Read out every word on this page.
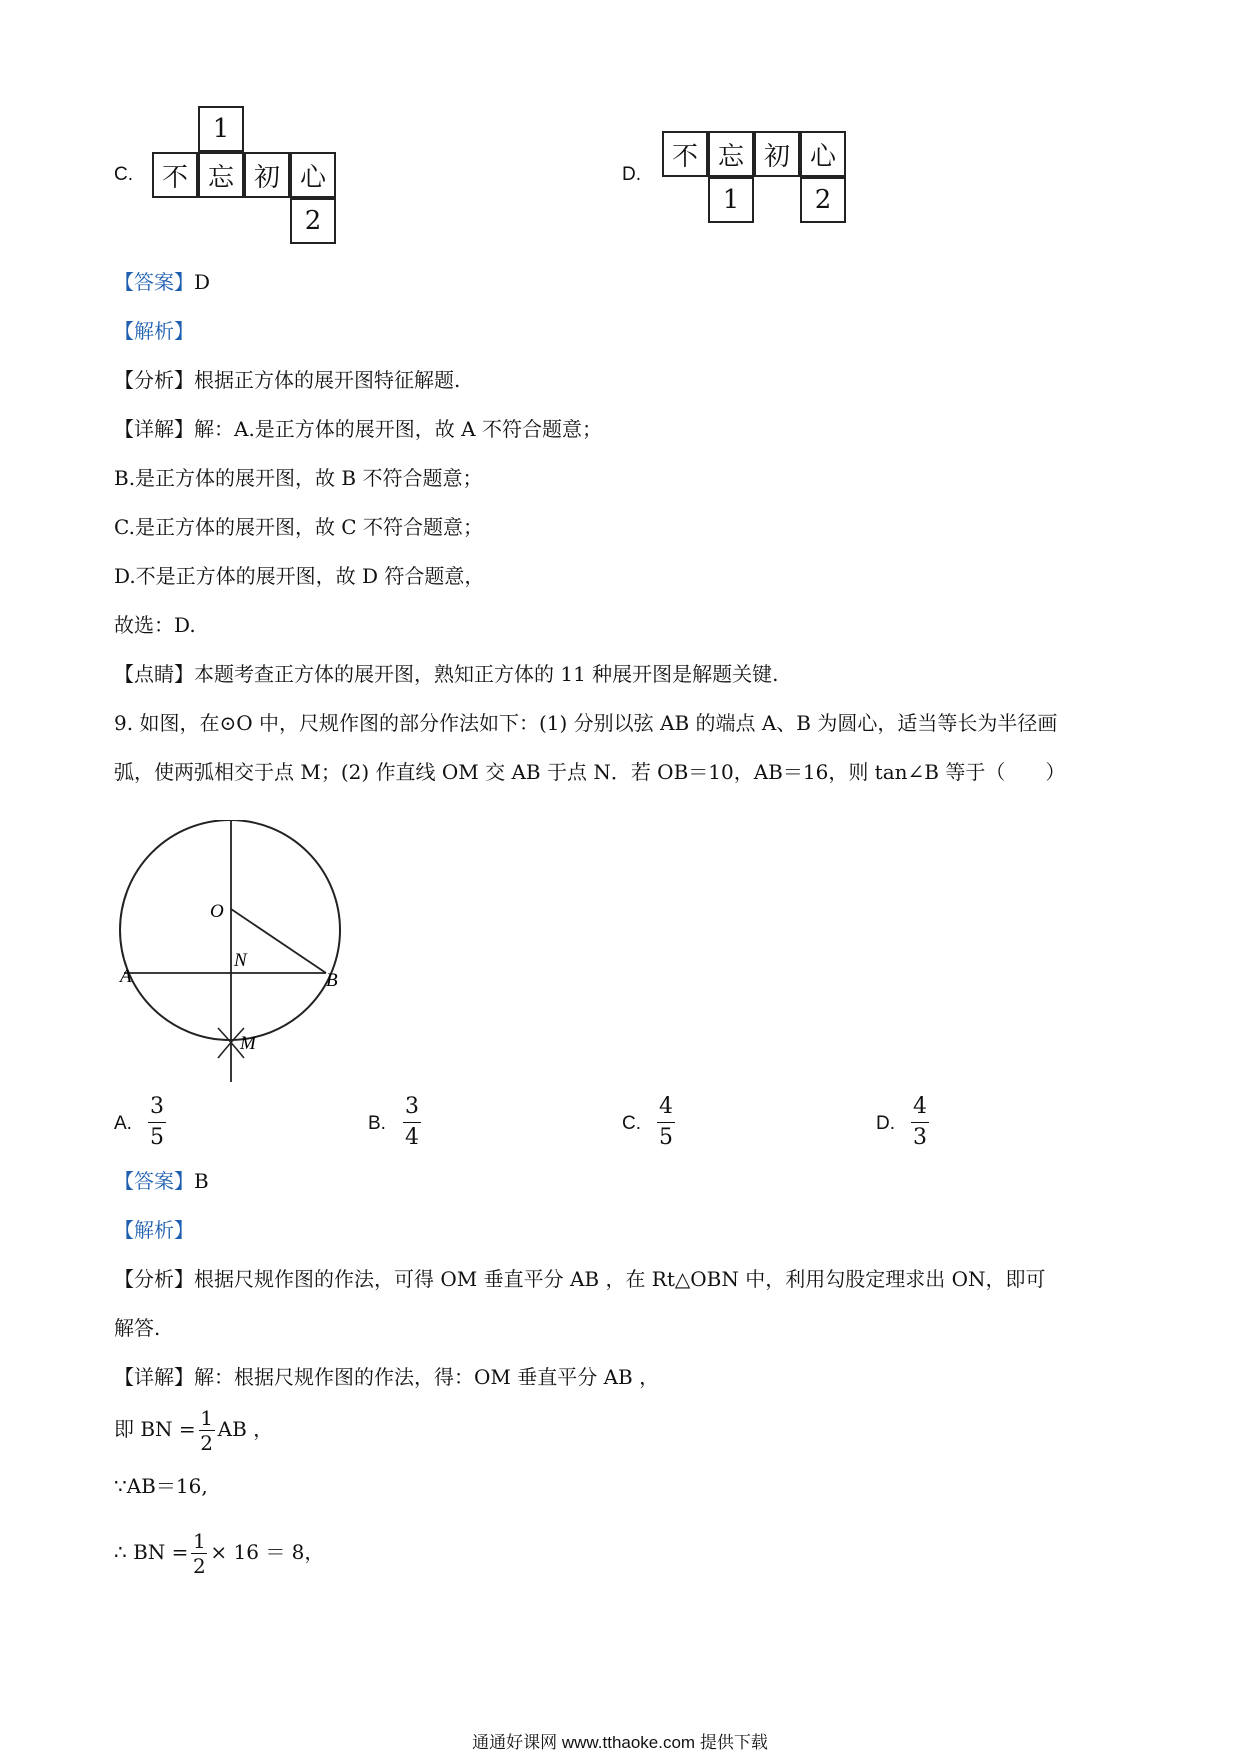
C.
1
不 忘 初 心
2
D.
不 忘 初 心
1	2
【答案】D
【解析】
【分析】根据正方体的展开图特征解题.
【详解】解：A.是正方体的展开图，故 A 不符合题意；
B.是正方体的展开图，故 B 不符合题意；
C.是正方体的展开图，故 C 不符合题意；
D.不是正方体的展开图，故 D 符合题意，
故选：D.
【点睛】本题考查正方体的展开图，熟知正方体的 11 种展开图是解题关键.
9. 如图，在⊙O 中，尺规作图的部分作法如下：(1) 分别以弦 AB 的端点 A、B 为圆心，适当等长为半径画
弧，使两弧相交于点 M；(2) 作直线 OM 交 AB 于点 N．若 OB＝10，AB＝16，则 tan∠B 等于（　　）
O
N
A	B
M
A.
3
5
B.
3
4
C.
4
5
D.
4
3
【答案】B
【解析】
【分析】根据尺规作图的作法，可得 OM 垂直平分 AB ，在 Rt△OBN 中，利用勾股定理求出 ON，即可
解答.
【详解】解：根据尺规作图的作法，得：OM 垂直平分 AB ，
即 BN = $\frac{1}{2}$ AB ，
∵AB＝16,
∴ BN = $\frac{1}{2} \times 16 = 8$，
通通好课网 www.tthaoke.com 提供下载
